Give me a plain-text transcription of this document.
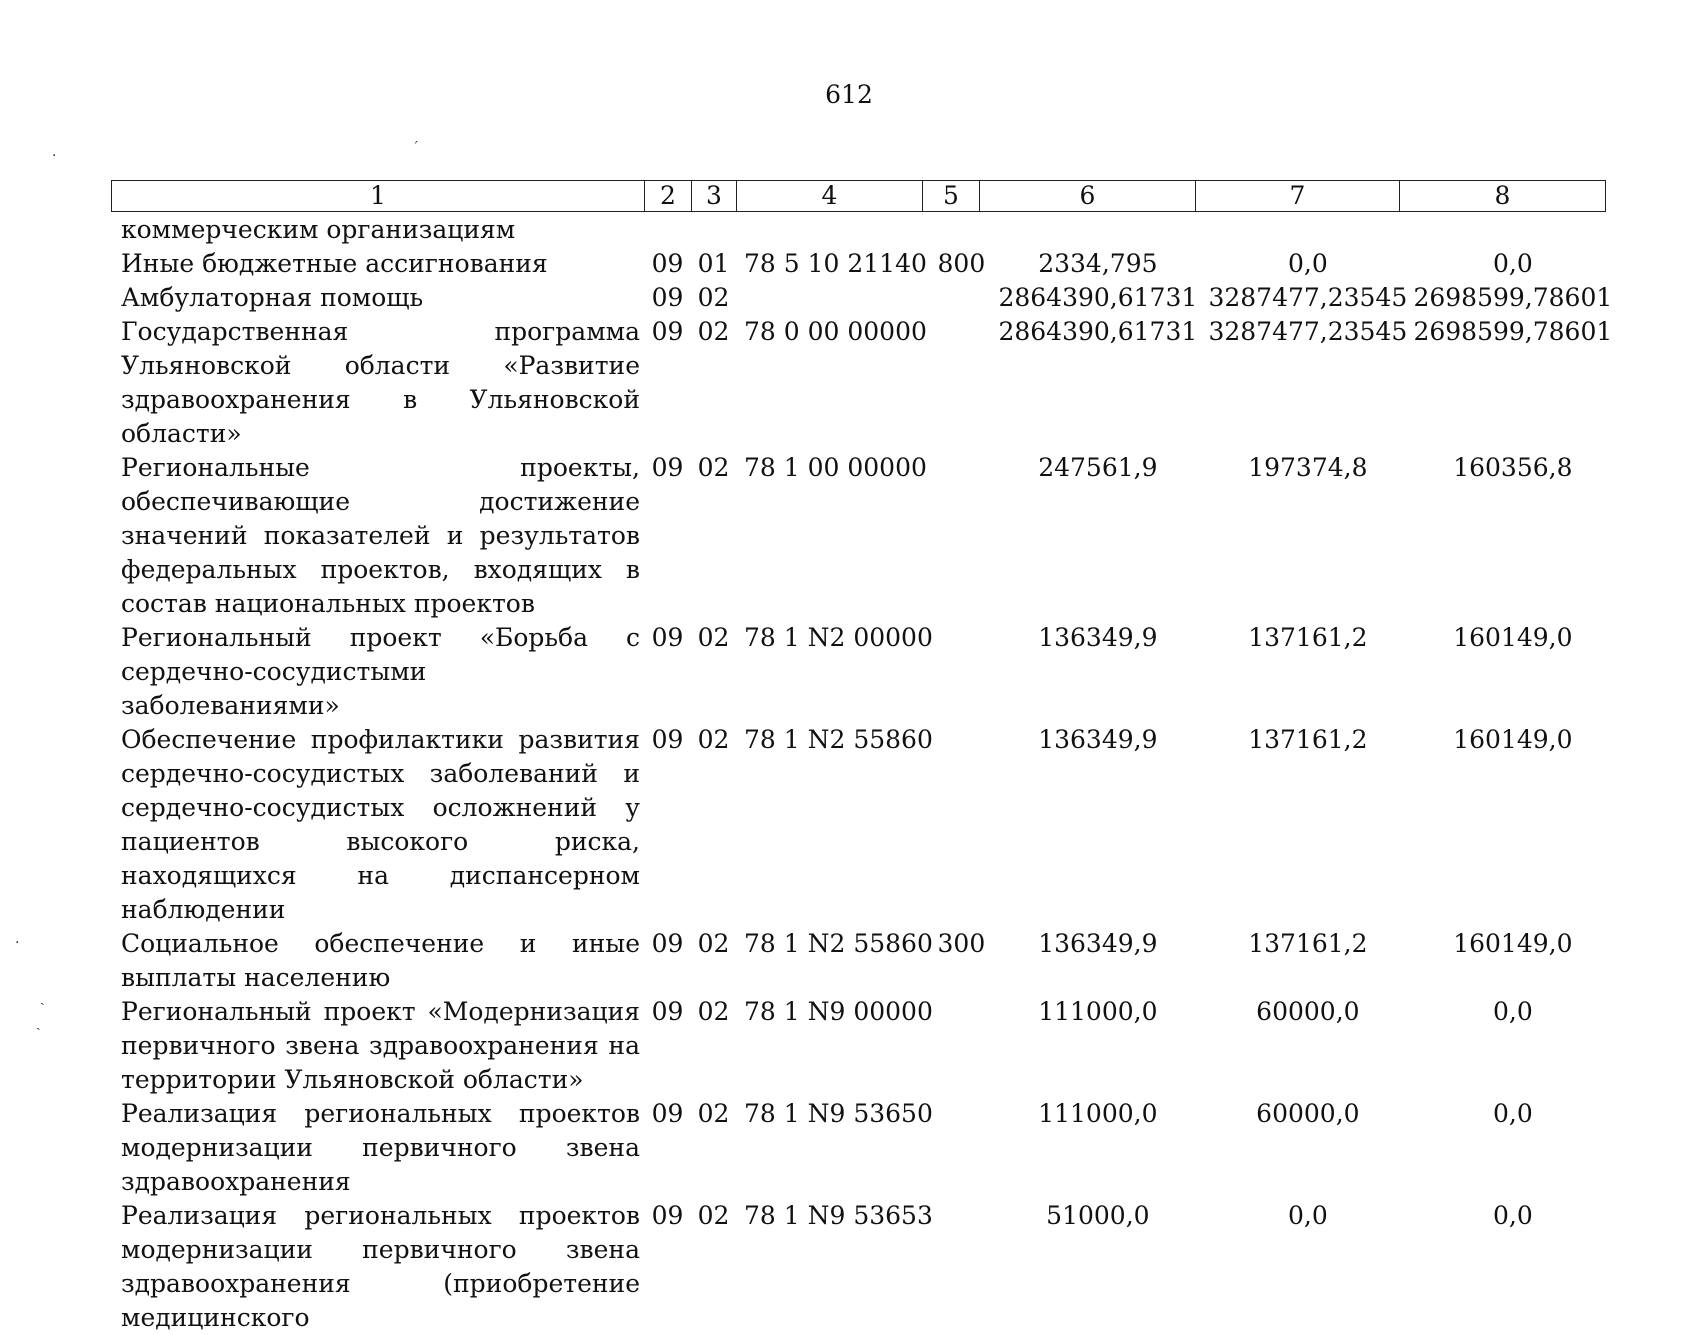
612
·	ˊ
·
ˏ
ˏ
1	2	3	4	5	6	7	8
коммерческим организациям							
Иные бюджетные ассигнования	09	01	78 5 10 21140	800	2334,795	0,0	0,0
Амбулаторная помощь	09	02			2864390,61731	3287477,23545	2698599,78601
Государственная программа Ульяновской области «Развитие здравоохранения в Ульяновской области»	09	02	78 0 00 00000		2864390,61731	3287477,23545	2698599,78601
Региональные проекты, обеспечивающие достижение значений показателей и результатов федеральных проектов, входящих в состав национальных проектов	09	02	78 1 00 00000		247561,9	197374,8	160356,8
Региональный проект «Борьба с сердечно-сосудистыми заболеваниями»	09	02	78 1 N2 00000		136349,9	137161,2	160149,0
Обеспечение профилактики развития сердечно-сосудистых заболеваний и сердечно-сосудистых осложнений у пациентов высокого риска, находящихся на диспансерном наблюдении	09	02	78 1 N2 55860		136349,9	137161,2	160149,0
Социальное обеспечение и иные выплаты населению	09	02	78 1 N2 55860	300	136349,9	137161,2	160149,0
Региональный проект «Модернизация первичного звена здравоохранения на территории Ульяновской области»	09	02	78 1 N9 00000		111000,0	60000,0	0,0
Реализация региональных проектов модернизации первичного звена здравоохранения	09	02	78 1 N9 53650		111000,0	60000,0	0,0
Реализация региональных проектов модернизации первичного звена здравоохранения (приобретение медицинского	09	02	78 1 N9 53653		51000,0	0,0	0,0
